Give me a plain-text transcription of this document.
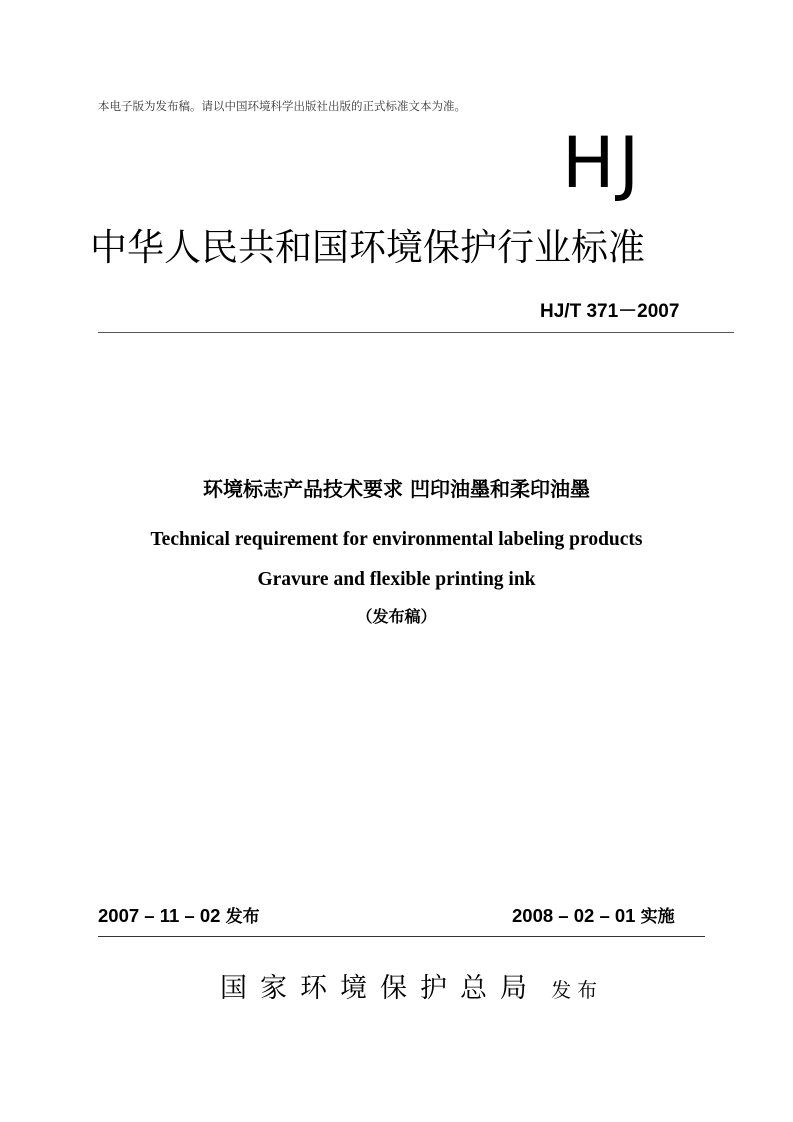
本电子版为发布稿。请以中国环境科学出版社出版的正式标准文本为准。
HJ
中华人民共和国环境保护行业标准
HJ/T 371－2007
环境标志产品技术要求 凹印油墨和柔印油墨
Technical requirement for environmental labeling products
Gravure and flexible printing ink
（发布稿）
2007 – 11 – 02 发布	2008 – 02 – 01 实施
国家环境保护总局 发布
